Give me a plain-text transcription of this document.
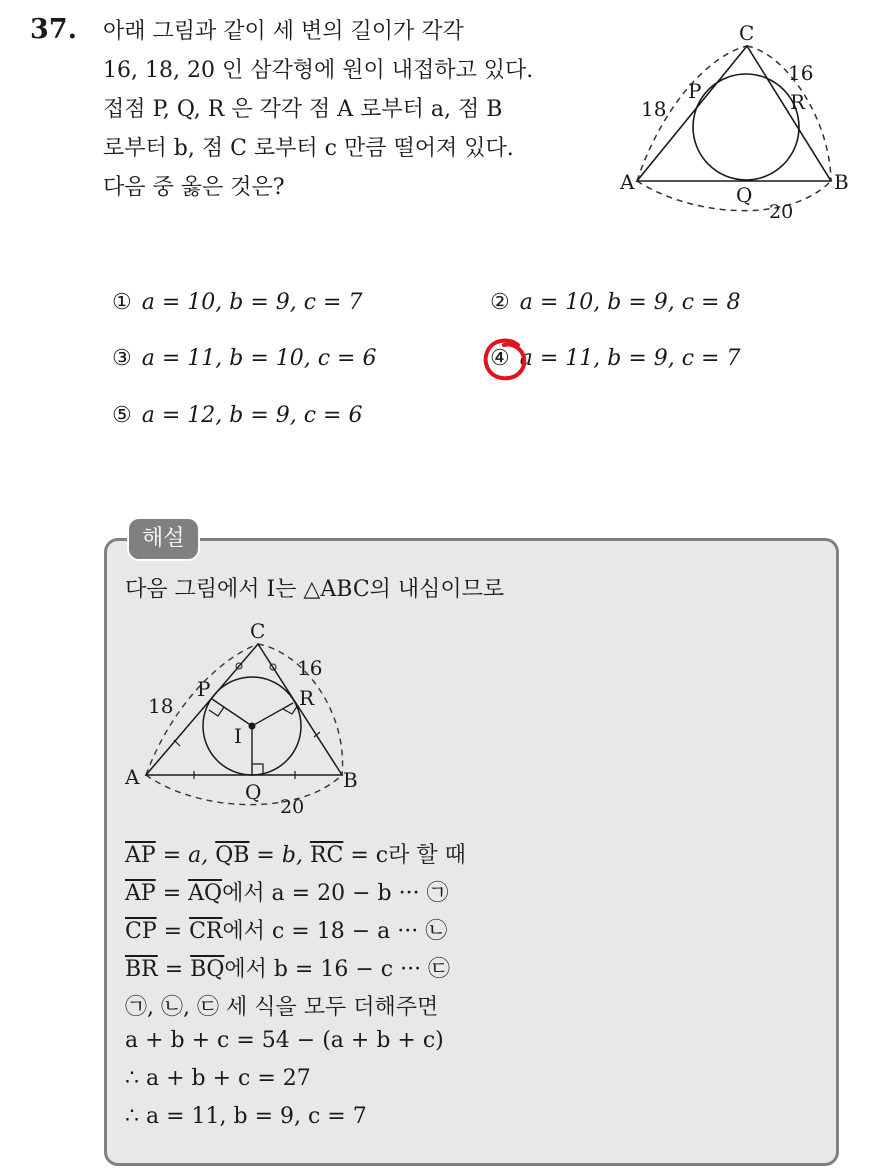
37. 아래 그림과 같이 세 변의 길이가 각각
16, 18, 20 인 삼각형에 원이 내접하고 있다.
접점 P, Q, R 은 각각 점 A 로부터 a, 점 B
로부터 b, 점 C 로부터 c 만큼 떨어져 있다.
다음 중 옳은 것은?	A	B
C
P
Q
R
18
16
20
① a = 10, b = 9, c = 7	② a = 10, b = 9, c = 8
③ a = 11, b = 10, c = 6	④ a = 11, b = 9, c = 7
⑤ a = 12, b = 9, c = 6
해설
다음 그림에서 I는 △ABC의 내심이므로
A	B
C
P
Q
R
I
18
16
20
$\overline{AP} = a$, $\overline{QB} = b$, $\overline{RC} = c$라 할 때
$\overline{AP} = \overline{AQ}$에서 a = 20 − b ··· ㉠
$\overline{CP} = \overline{CR}$에서 c = 18 − a ··· ㉡
$\overline{BR} = \overline{BQ}$에서 b = 16 − c ··· ㉢
㉠, ㉡, ㉢ 세 식을 모두 더해주면
a + b + c = 54 − (a + b + c)
∴ a + b + c = 27
∴ a = 11, b = 9, c = 7
